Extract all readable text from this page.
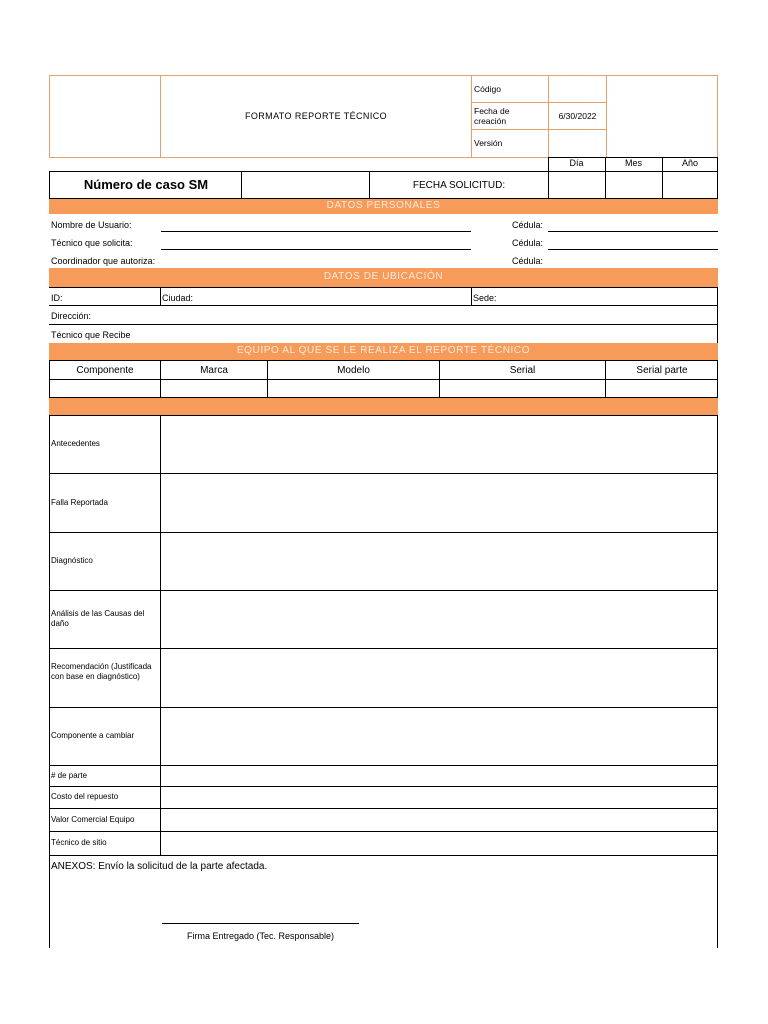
FORMATO REPORTE TÉCNICO
Código
Fecha de creación	6/30/2022
Versión
Día	Mes	Año
Número de caso SM	FECHA SOLICITUD:
DATOS PERSONALES
Nombre de Usuario:	Cédula:
Técnico que solicita:	Cédula:
Coordinador que autoriza:	Cédula:
DATOS DE UBICACIÓN
ID:	Ciudad:	Sede:
Dirección:
Técnico que Recibe
EQUIPO AL QUE SE LE REALIZA EL REPORTE TÉCNICO
Componente	Marca	Modelo	Serial	Serial parte
Antecedentes
Falla Reportada
Diagnóstico
Análisis de las Causas del daño
Recomendación (Justificada con base en diagnóstico)
Componente a cambiar
# de parte
Costo del repuesto
Valor Comercial Equipo
Técnico de sitio
ANEXOS: Envío la solicitud de la parte afectada.
Firma Entregado (Tec. Responsable)
